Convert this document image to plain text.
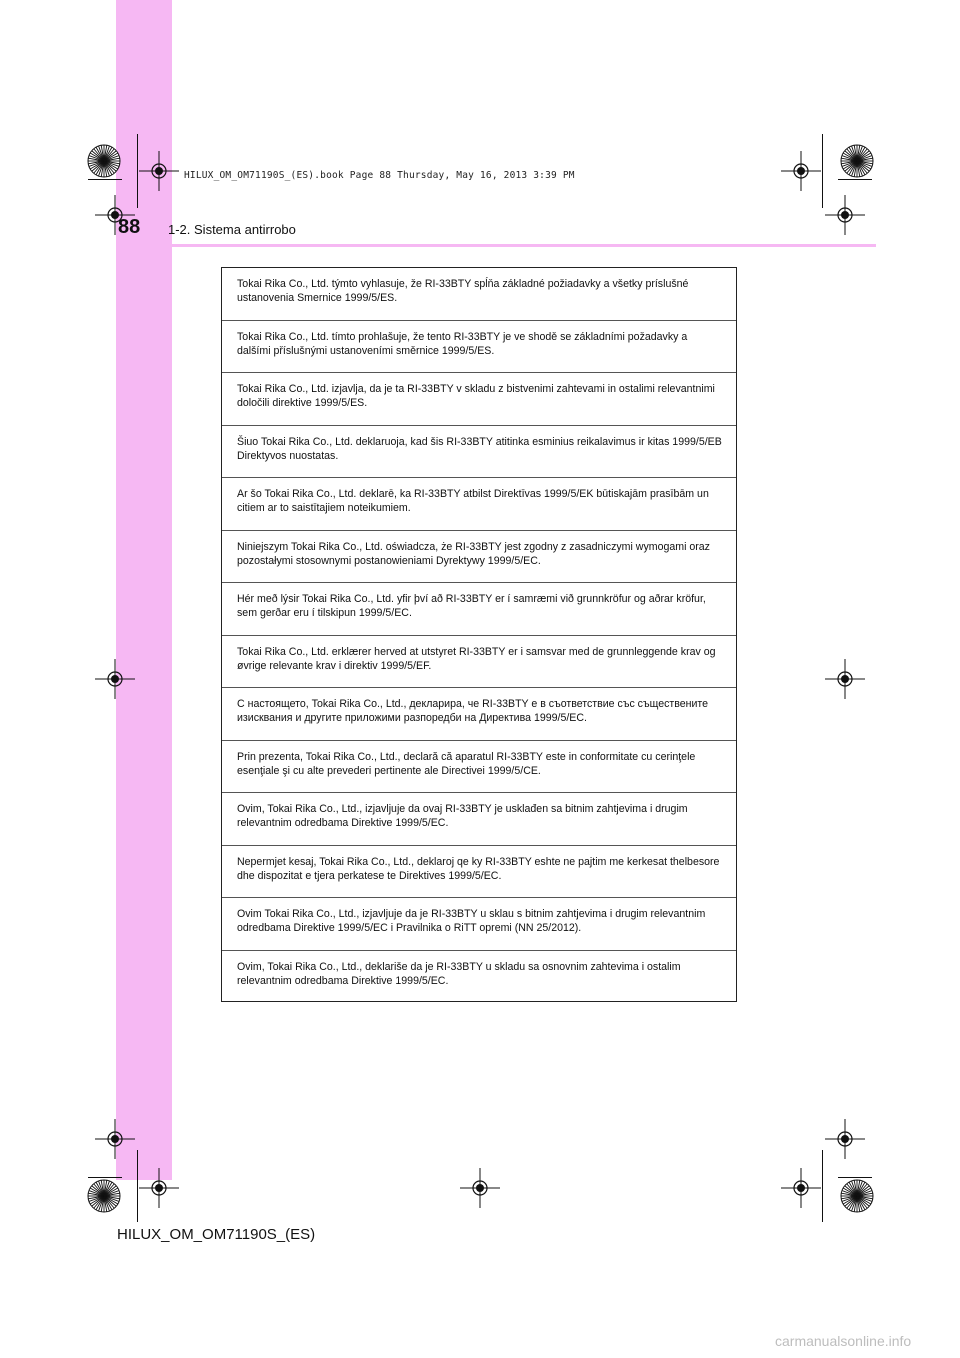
HILUX_OM_OM71190S_(ES).book Page 88 Thursday, May 16, 2013 3:39 PM
88 1-2. Sistema antirrobo
Tokai Rika Co., Ltd. týmto vyhlasuje, že RI-33BTY spĺňa základné požiadavky a všetky príslušné ustanovenia Smernice 1999/5/ES.
Tokai Rika Co., Ltd. tímto prohlašuje, že tento RI-33BTY je ve shodě se základními požadavky a dalšími příslušnými ustanoveními směrnice 1999/5/ES.
Tokai Rika Co., Ltd. izjavlja, da je ta RI-33BTY v skladu z bistvenimi zahtevami in ostalimi relevantnimi določili direktive 1999/5/ES.
Šiuo Tokai Rika Co., Ltd. deklaruoja, kad šis RI-33BTY atitinka esminius reikalavimus ir kitas 1999/5/EB Direktyvos nuostatas.
Ar šo Tokai Rika Co., Ltd. deklarē, ka RI-33BTY atbilst Direktīvas 1999/5/EK būtiskajām prasībām un citiem ar to saistītajiem noteikumiem.
Niniejszym Tokai Rika Co., Ltd. oświadcza, że RI-33BTY jest zgodny z zasadniczymi wymogami oraz pozostałymi stosownymi postanowieniami Dyrektywy 1999/5/EC.
Hér með lýsir Tokai Rika Co., Ltd. yfir því að RI-33BTY er í samræmi við grunnkröfur og aðrar kröfur, sem gerðar eru í tilskipun 1999/5/EC.
Tokai Rika Co., Ltd. erklærer herved at utstyret RI-33BTY er i samsvar med de grunnleggende krav og øvrige relevante krav i direktiv 1999/5/EF.
С настоящето, Tokai Rika Co., Ltd., декларира, че RI-33BTY е в съответствие със съществените изисквания и другите приложими разпоредби на Директива 1999/5/EC.
Prin prezenta, Tokai Rika Co., Ltd., declară că aparatul RI-33BTY este in conformitate cu cerinţele esenţiale şi cu alte prevederi pertinente ale Directivei 1999/5/CE.
Ovim, Tokai Rika Co., Ltd., izjavljuje da ovaj RI-33BTY je usklađen sa bitnim zahtjevima i drugim relevantnim odredbama Direktive 1999/5/EC.
Nepermjet kesaj, Tokai Rika Co., Ltd., deklaroj qe ky RI-33BTY eshte ne pajtim me kerkesat thelbesore dhe dispozitat e tjera perkatese te Direktives 1999/5/EC.
Ovim Tokai Rika Co., Ltd., izjavljuje da je RI-33BTY u sklau s bitnim zahtjevima i drugim relevantnim odredbama Direktive 1999/5/EC i Pravilnika o RiTT opremi (NN 25/2012).
Ovim, Tokai Rika Co., Ltd., deklariše da je RI-33BTY u skladu sa osnovnim zahtevima i ostalim relevantnim odredbama Direktive 1999/5/EC.
HILUX_OM_OM71190S_(ES)
carmanualsonline.info
